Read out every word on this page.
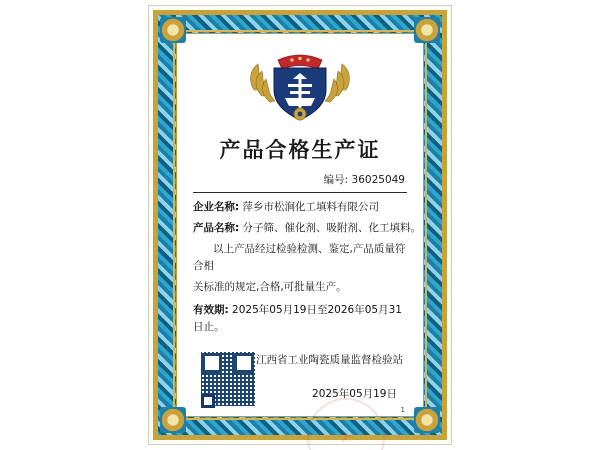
产品合格生产证
编号: 36025049
企业名称: 萍乡市松涧化工填料有限公司
产品名称: 分子筛、催化剂、吸附剂、化工填料。
以上产品经过检验检测、鉴定,产品质量符合相
关标准的规定,合格,可批量生产。
有效期: 2025年05月19日至2026年05月31日止。
江西省工业陶瓷质量监督检验站
2025年05月19日
1
